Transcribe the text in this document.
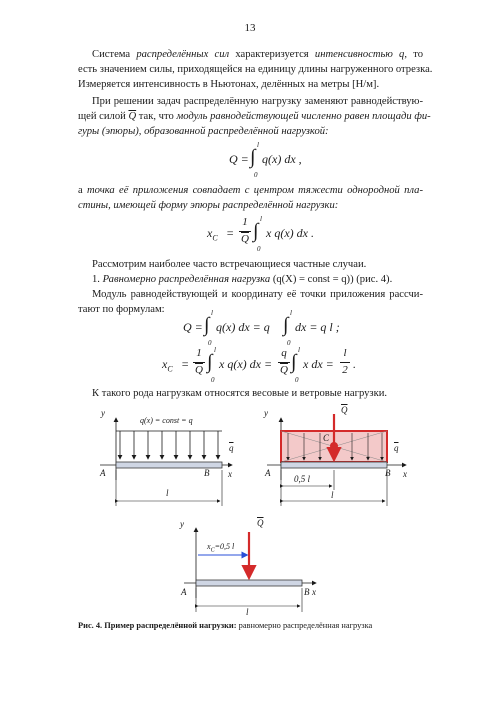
13
Система распределённых сил характеризуется интенсивностью q, то
есть значением силы, приходящейся на единицу длины нагруженного отрезка.
Измеряется интенсивность в Ньютонах, делённых на метры [Н/м].
При решении задач распределённую нагрузку заменяют равнодействую-
щей силой $\overline{Q}$ так, что модуль равнодействующей численно равен площади фи-
гуры (эпюры), образованной распределённой нагрузкой:
Q = ∫
l
0
q(x) dx ,
а точка её приложения совпадает с центром тяжести однородной пла-
стины, имеющей форму эпюры распределённой нагрузки:
$x_C$ =
1
$\overline{Q}$ ∫
l
0
x q(x) dx .
Рассмотрим наиболее часто встречающиеся частные случаи.
1. Равномерно распределённая нагрузка (q(X) = const = q)) (рис. 4).
Модуль равнодействующей и координату её точки приложения рассчи-
тают по формулам:
Q = ∫
l
0
q(x) dx = q ∫
l
0
dx = q l ;
$x_C$ =
1
$\overline{Q}$ ∫
l
0
x q(x) dx =
q
$\overline{Q}$ ∫
l
0
x dx =
l
2 .
К такого рода нагрузкам относятся весовые и ветровые нагрузки.
y
x
A	B
l
$\overline{q}$
q(x) = const = q
y
x
A	B
l
0,5 l
$\overline{q}$
$\overline{Q}$
C
y
x
A	B
l
$\overline{Q}$
$x_C=0,5$ l
Рис. 4. Пример распределённой нагрузки: равномерно распределённая нагрузка
